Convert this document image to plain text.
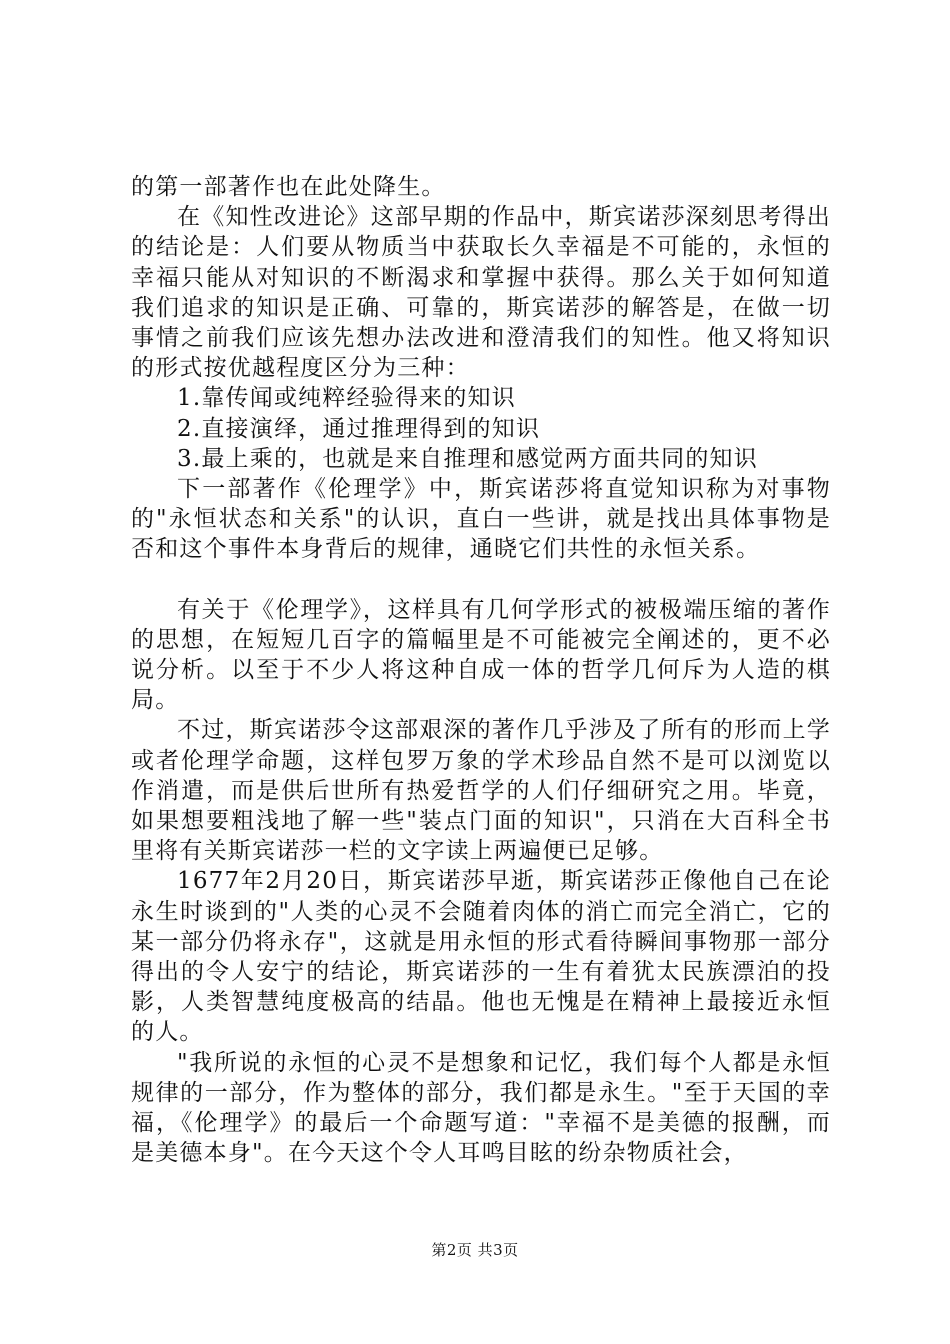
的第一部著作也在此处降生。

在《知性改进论》这部早期的作品中，斯宾诺莎深刻思考得出的结论是：人们要从物质当中获取长久幸福是不可能的，永恒的幸福只能从对知识的不断渴求和掌握中获得。那么关于如何知道我们追求的知识是正确、可靠的，斯宾诺莎的解答是，在做一切事情之前我们应该先想办法改进和澄清我们的知性。他又将知识的形式按优越程度区分为三种：

1.靠传闻或纯粹经验得来的知识

2.直接演绎，通过推理得到的知识

3.最上乘的，也就是来自推理和感觉两方面共同的知识

下一部著作《伦理学》中，斯宾诺莎将直觉知识称为对事物的"永恒状态和关系"的认识，直白一些讲，就是找出具体事物是否和这个事件本身背后的规律，通晓它们共性的永恒关系。

有关于《伦理学》，这样具有几何学形式的被极端压缩的著作的思想，在短短几百字的篇幅里是不可能被完全阐述的，更不必说分析。以至于不少人将这种自成一体的哲学几何斥为人造的棋局。

不过，斯宾诺莎令这部艰深的著作几乎涉及了所有的形而上学或者伦理学命题，这样包罗万象的学术珍品自然不是可以浏览以作消遣，而是供后世所有热爱哲学的人们仔细研究之用。毕竟，如果想要粗浅地了解一些"装点门面的知识"，只消在大百科全书里将有关斯宾诺莎一栏的文字读上两遍便已足够。

1677年2月20日，斯宾诺莎早逝，斯宾诺莎正像他自己在论永生时谈到的"人类的心灵不会随着肉体的消亡而完全消亡，它的某一部分仍将永存"，这就是用永恒的形式看待瞬间事物那一部分得出的令人安宁的结论，斯宾诺莎的一生有着犹太民族漂泊的投影，人类智慧纯度极高的结晶。他也无愧是在精神上最接近永恒的人。

"我所说的永恒的心灵不是想象和记忆，我们每个人都是永恒规律的一部分，作为整体的部分，我们都是永生。"至于天国的幸福，《伦理学》的最后一个命题写道："幸福不是美德的报酬，而是美德本身"。在今天这个令人耳鸣目眩的纷杂物质社会，

第2页 共3页
